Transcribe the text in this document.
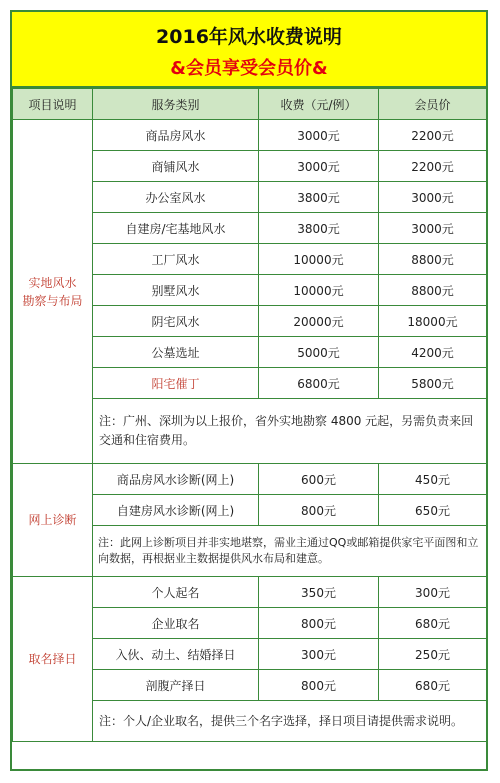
2016年风水收费说明
&会员享受会员价&
项目说明	服务类别	收费（元/例）	会员价
实地风水
勘察与布局	商品房风水	3000元	2200元
	商铺风水	3000元	2200元
	办公室风水	3800元	3000元
	自建房/宅基地风水	3800元	3000元
	工厂风水	10000元	8800元
	别墅风水	10000元	8800元
	阴宅风水	20000元	18000元
	公墓选址	5000元	4200元
	阳宅催丁	6800元	5800元
	注：广州、深圳为以上报价，省外实地勘察 4800 元起，另需负责来回交通和住宿费用。		
网上诊断	商品房风水诊断(网上)	600元	450元
	自建房风水诊断(网上)	800元	650元
	注：此网上诊断项目并非实地堪察，需业主通过QQ或邮箱提供家宅平面图和立向数据，再根据业主数据提供风水布局和建意。		
取名择日	个人起名	350元	300元
	企业取名	800元	680元
	入伙、动土、结婚择日	300元	250元
	剖腹产择日	800元	680元
	注：个人/企业取名，提供三个名字选择，择日项目请提供需求说明。		
